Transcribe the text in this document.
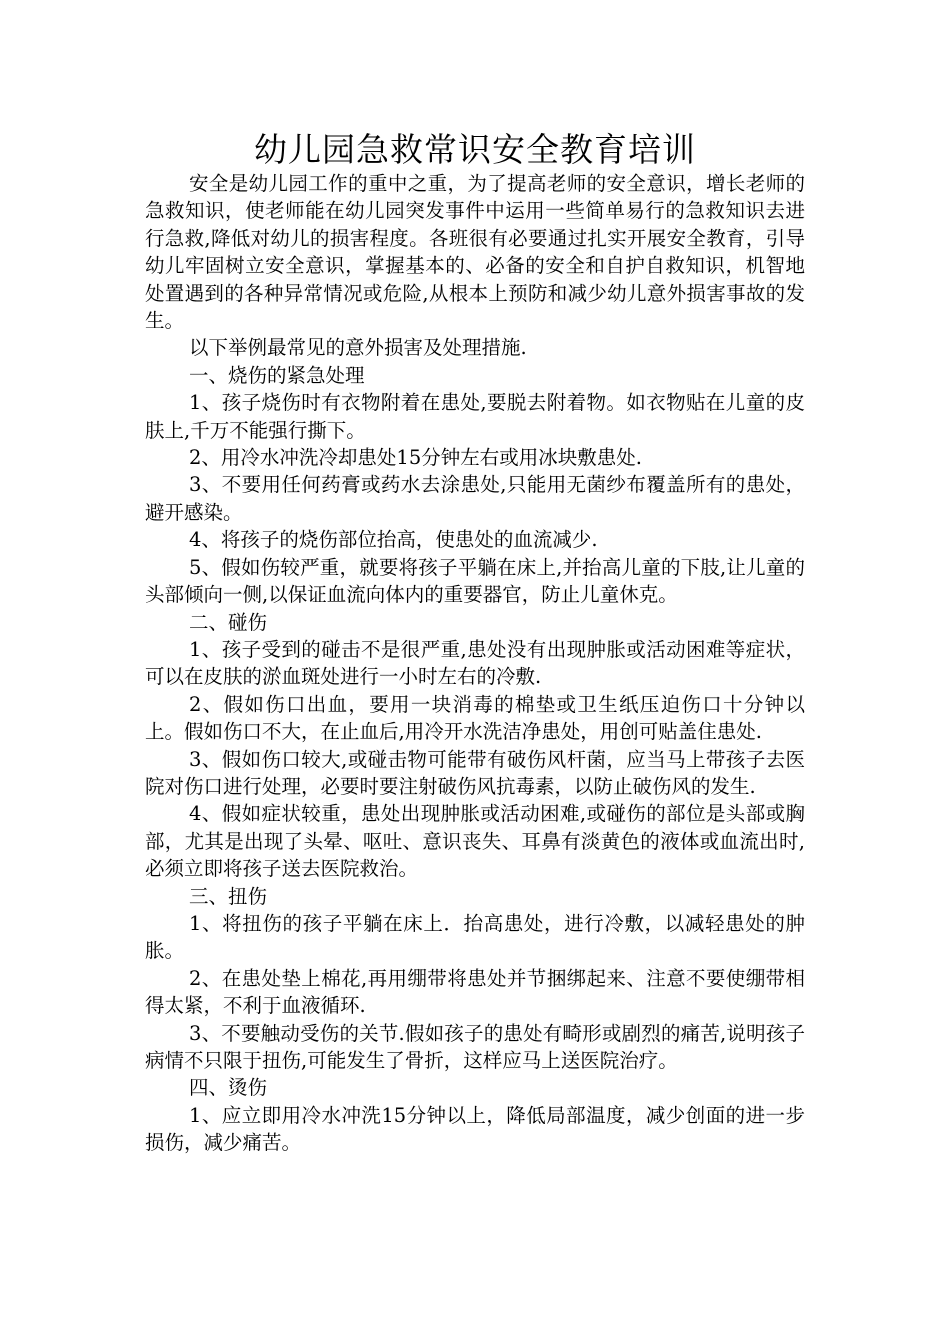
幼儿园急救常识安全教育培训

安全是幼儿园工作的重中之重，为了提高老师的安全意识，增长老师的急救知识，使老师能在幼儿园突发事件中运用一些简单易行的急救知识去进行急救,降低对幼儿的损害程度。各班很有必要通过扎实开展安全教育，引导幼儿牢固树立安全意识，掌握基本的、必备的安全和自护自救知识，机智地处置遇到的各种异常情况或危险,从根本上预防和减少幼儿意外损害事故的发生。

以下举例最常见的意外损害及处理措施.

一、烧伤的紧急处理

1、孩子烧伤时有衣物附着在患处,要脱去附着物。如衣物贴在儿童的皮肤上,千万不能强行撕下。

2、用冷水冲洗冷却患处15分钟左右或用冰块敷患处.

3、不要用任何药膏或药水去涂患处,只能用无菌纱布覆盖所有的患处，避开感染。

4、将孩子的烧伤部位抬高，使患处的血流减少.

5、假如伤较严重，就要将孩子平躺在床上,并抬高儿童的下肢,让儿童的头部倾向一侧,以保证血流向体内的重要器官，防止儿童休克。

二、碰伤

1、孩子受到的碰击不是很严重,患处没有出现肿胀或活动困难等症状，可以在皮肤的淤血斑处进行一小时左右的冷敷.

2、假如伤口出血，要用一块消毒的棉垫或卫生纸压迫伤口十分钟以上。假如伤口不大，在止血后,用冷开水洗洁净患处，用创可贴盖住患处.

3、假如伤口较大,或碰击物可能带有破伤风杆菌，应当马上带孩子去医院对伤口进行处理，必要时要注射破伤风抗毒素，以防止破伤风的发生.

4、假如症状较重，患处出现肿胀或活动困难,或碰伤的部位是头部或胸部，尤其是出现了头晕、呕吐、意识丧失、耳鼻有淡黄色的液体或血流出时,必须立即将孩子送去医院救治。

三、扭伤

1、将扭伤的孩子平躺在床上．抬高患处，进行冷敷，以减轻患处的肿胀。

2、在患处垫上棉花,再用绷带将患处并节捆绑起来、注意不要使绷带相得太紧，不利于血液循环.

3、不要触动受伤的关节.假如孩子的患处有畸形或剧烈的痛苦,说明孩子病情不只限于扭伤,可能发生了骨折，这样应马上送医院治疗。

四、烫伤

1、应立即用冷水冲洗15分钟以上，降低局部温度，减少创面的进一步损伤，减少痛苦。
